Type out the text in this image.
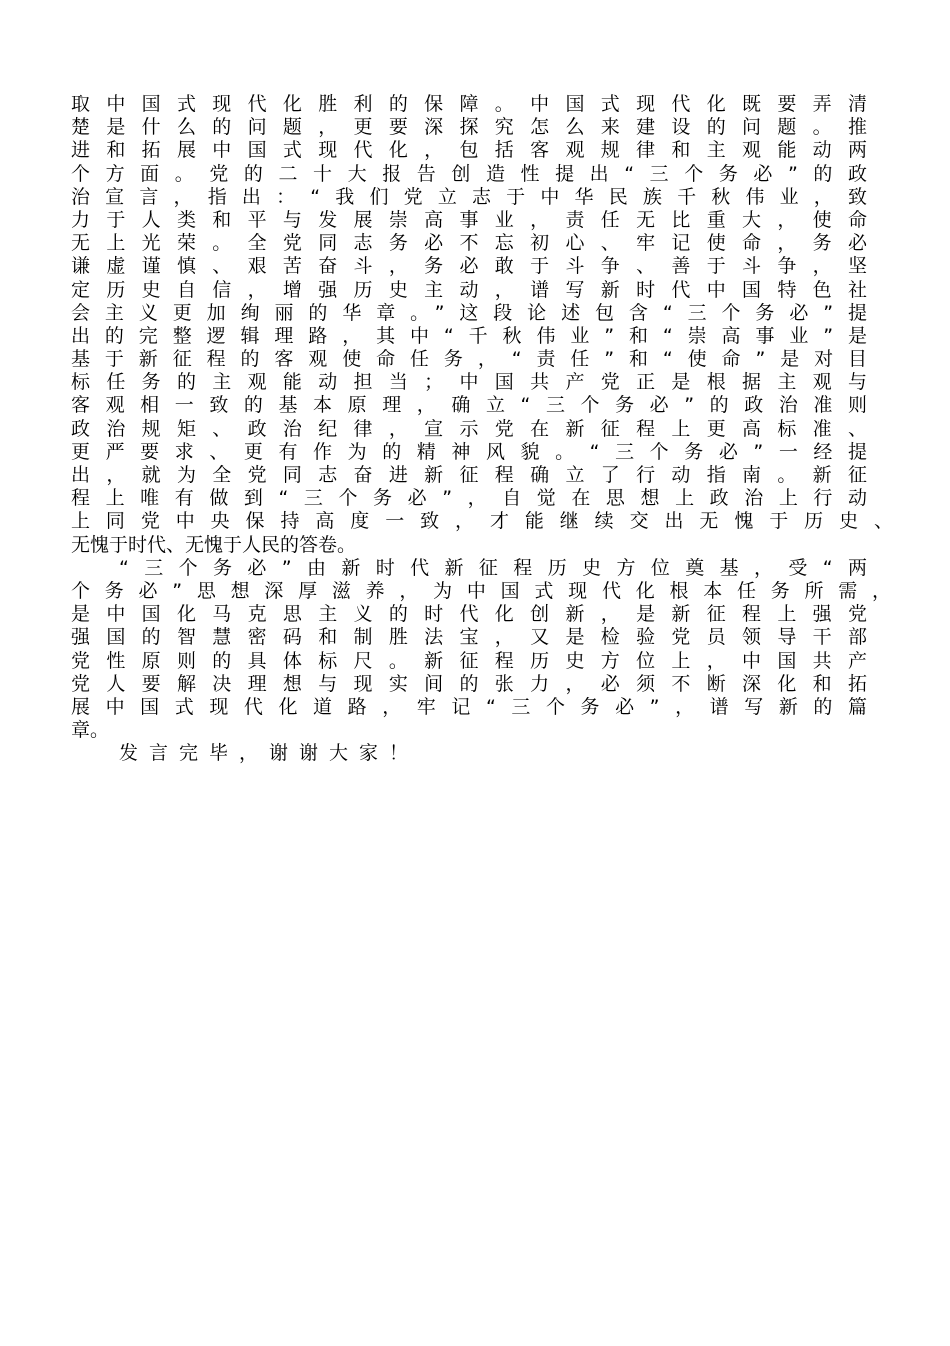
取中国式现代化胜利的保障。中国式现代化既要弄清
楚是什么的问题，更要深探究怎么来建设的问题。推
进和拓展中国式现代化，包括客观规律和主观能动两
个方面。党的二十大报告创造性提出“三个务必”的政
治宣言，指出：“我们党立志于中华民族千秋伟业，致
力于人类和平与发展崇高事业，责任无比重大，使命
无上光荣。全党同志务必不忘初心、牢记使命，务必
谦虚谨慎、艰苦奋斗，务必敢于斗争、善于斗争，坚
定历史自信，增强历史主动，谱写新时代中国特色社
会主义更加绚丽的华章。”这段论述包含“三个务必”提
出的完整逻辑理路，其中“千秋伟业”和“崇高事业”是
基于新征程的客观使命任务，“责任”和“使命”是对目
标任务的主观能动担当；中国共产党正是根据主观与
客观相一致的基本原理，确立“三个务必”的政治准则
政治规矩、政治纪律，宣示党在新征程上更高标准、
更严要求、更有作为的精神风貌。“三个务必”一经提
出，就为全党同志奋进新征程确立了行动指南。新征
程上唯有做到“三个务必”，自觉在思想上政治上行动
上同党中央保持高度一致，才能继续交出无愧于历史、
无愧于时代、无愧于人民的答卷。
“三个务必”由新时代新征程历史方位奠基，受“两
个务必”思想深厚滋养，为中国式现代化根本任务所需，
是中国化马克思主义的时代化创新，是新征程上强党
强国的智慧密码和制胜法宝，又是检验党员领导干部
党性原则的具体标尺。新征程历史方位上，中国共产
党人要解决理想与现实间的张力，必须不断深化和拓
展中国式现代化道路，牢记“三个务必”，谱写新的篇
章。
发言完毕，谢谢大家！
